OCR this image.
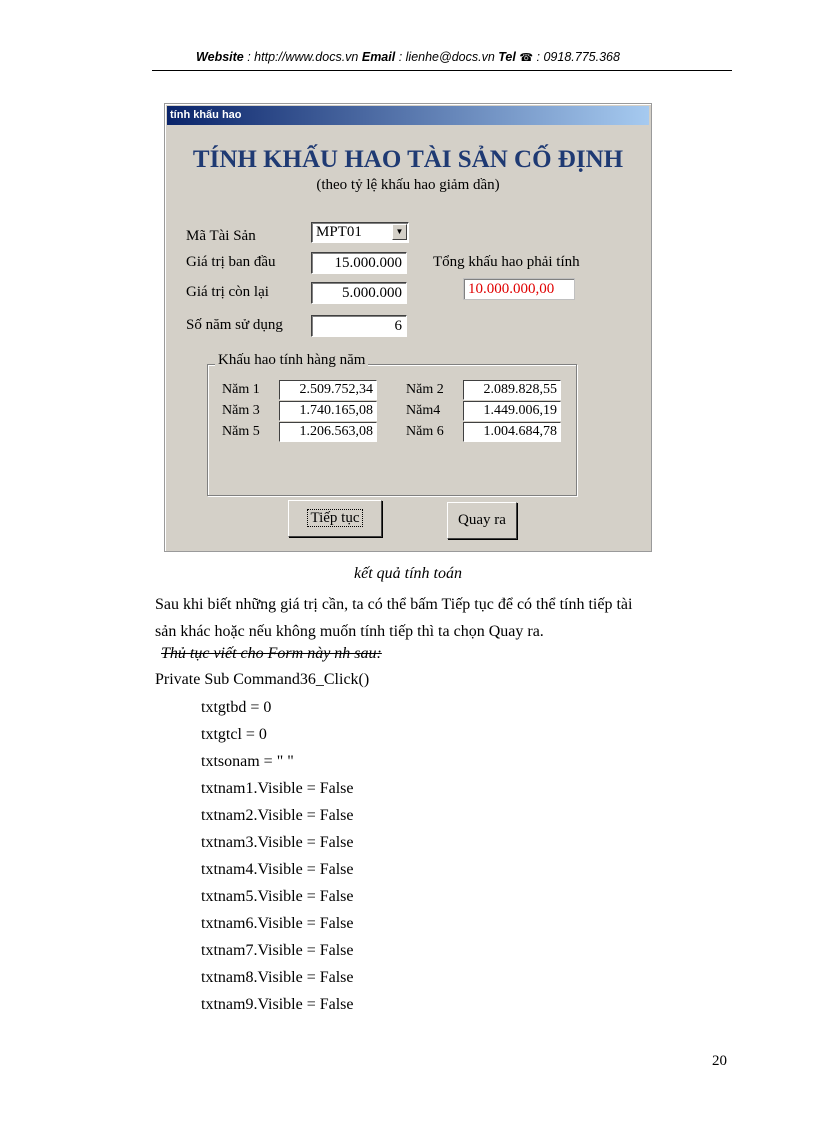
Website : http://www.docs.vn Email : lienhe@docs.vn Tel ☎ : 0918.775.368
tính khấu hao
TÍNH KHẤU HAO TÀI SẢN CỐ ĐỊNH
(theo tỷ lệ khấu hao giảm dần)
Mã Tài Sản	MPT01	▼
Giá trị ban đầu	15.000.000	Tổng khấu hao phải tính
10.000.000,00
Giá trị còn lại	5.000.000
Số năm sử dụng	6
Khấu hao tính hàng năm
Năm 1	2.509.752,34 Năm 2	2.089.828,55
Năm 3	1.740.165,08 Năm4	1.449.006,19
Năm 5	1.206.563,08 Năm 6	1.004.684,78
Tiếp tục	Quay ra
kết quả tính toán
Sau khi biết những giá trị cần, ta có thể bấm Tiếp tục để có thể tính tiếp tài
sản khác hoặc nếu không muốn tính tiếp thì ta chọn Quay ra.
Thủ tục viết cho Form này nh sau:
Private Sub Command36_Click()
txtgtbd = 0
txtgtcl = 0
txtsonam = " "
txtnam1.Visible = False
txtnam2.Visible = False
txtnam3.Visible = False
txtnam4.Visible = False
txtnam5.Visible = False
txtnam6.Visible = False
txtnam7.Visible = False
txtnam8.Visible = False
txtnam9.Visible = False
20
